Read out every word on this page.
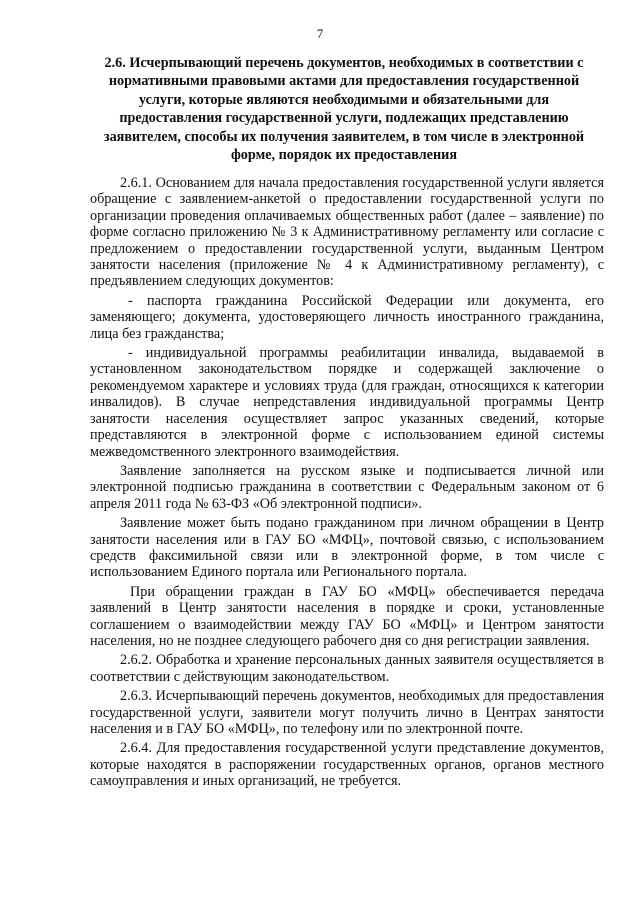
7
2.6. Исчерпывающий перечень документов, необходимых в соответствии с нормативными правовыми актами для предоставления государственной услуги, которые являются необходимыми и обязательными для предоставления государственной услуги, подлежащих представлению заявителем, способы их получения заявителем, в том числе в электронной форме, порядок их предоставления

2.6.1. Основанием для начала предоставления государственной услуги является обращение с заявлением-анкетой о предоставлении государственной услуги по организации проведения оплачиваемых общественных работ (далее – заявление) по форме согласно приложению № 3 к Административному регламенту или согласие с предложением о предоставлении государственной услуги, выданным Центром занятости населения (приложение № 4 к Административному регламенту), с предъявлением следующих документов:

- паспорта гражданина Российской Федерации или документа, его заменяющего; документа, удостоверяющего личность иностранного гражданина, лица без гражданства;

- индивидуальной программы реабилитации инвалида, выдаваемой в установленном законодательством порядке и содержащей заключение о рекомендуемом характере и условиях труда (для граждан, относящихся к категории инвалидов). В случае непредставления индивидуальной программы Центр занятости населения осуществляет запрос указанных сведений, которые представляются в электронной форме с использованием единой системы межведомственного электронного взаимодействия.

Заявление заполняется на русском языке и подписывается личной или электронной подписью гражданина в соответствии с Федеральным законом от 6 апреля 2011 года № 63-ФЗ «Об электронной подписи».

Заявление может быть подано гражданином при личном обращении в Центр занятости населения или в ГАУ БО «МФЦ», почтовой связью, с использованием средств факсимильной связи или в электронной форме, в том числе с использованием Единого портала или Регионального портала.

При обращении граждан в ГАУ БО «МФЦ» обеспечивается передача заявлений в Центр занятости населения в порядке и сроки, установленные соглашением о взаимодействии между ГАУ БО «МФЦ» и Центром занятости населения, но не позднее следующего рабочего дня со дня регистрации заявления.

2.6.2. Обработка и хранение персональных данных заявителя осуществляется в соответствии с действующим законодательством.

2.6.3. Исчерпывающий перечень документов, необходимых для предоставления государственной услуги, заявители могут получить лично в Центрах занятости населения и в ГАУ БО «МФЦ», по телефону или по электронной почте.

2.6.4. Для предоставления государственной услуги представление документов, которые находятся в распоряжении государственных органов, органов местного самоуправления и иных организаций, не требуется.
